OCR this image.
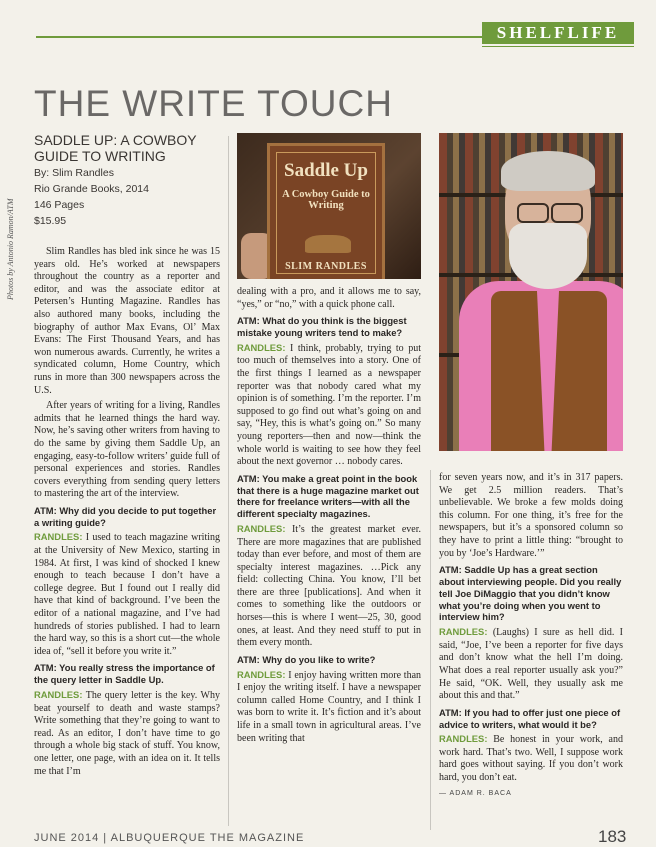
SHELFLIFE
THE WRITE TOUCH
SADDLE UP: A COWBOY GUIDE TO WRITING
By: Slim Randles
Rio Grande Books, 2014
146 Pages
$15.95
Photos by Antonio Ramon/ATM
Saddle Up
A Cowboy Guide to Writing
SLIM RANDLES

Slim Randles has bled ink since he was 15 years old. He’s worked at newspapers throughout the country as a reporter and editor, and was the associate editor at Petersen’s Hunting Magazine. Randles has also authored many books, including the biography of author Max Evans, Ol’ Max Evans: The First Thousand Years, and has won numerous awards. Currently, he writes a syndicated column, Home Country, which runs in more than 300 newspapers across the U.S.

After years of writing for a living, Randles admits that he learned things the hard way. Now, he’s saving other writers from having to do the same by giving them Saddle Up, an engaging, easy-to-follow writers’ guide full of personal experiences and stories. Randles covers everything from sending query letters to mastering the art of the interview.

ATM: Why did you decide to put together a writing guide?

RANDLES: I used to teach magazine writing at the University of New Mexico, starting in 1984. At first, I was kind of shocked I knew enough to teach because I don’t have a college degree. But I found out I really did have that kind of background. I’ve been the editor of a national magazine, and I’ve had hundreds of stories published. I had to learn the hard way, so this is a short cut—the whole idea of, “sell it before you write it.”

ATM: You really stress the importance of the query letter in Saddle Up.

RANDLES: The query letter is the key. Why beat yourself to death and waste stamps? Write something that they’re going to want to read. As an editor, I don’t have time to go through a whole big stack of stuff. You know, one letter, one page, with an idea on it. It tells me that I’m

dealing with a pro, and it allows me to say, “yes,” or “no,” with a quick phone call.

ATM: What do you think is the biggest mistake young writers tend to make?

RANDLES: I think, probably, trying to put too much of themselves into a story. One of the first things I learned as a newspaper reporter was that nobody cared what my opinion is of something. I’m the reporter. I’m supposed to go find out what’s going on and say, “Hey, this is what’s going on.” So many young reporters—then and now—think the whole world is waiting to see how they feel about the next governor … nobody cares.

ATM: You make a great point in the book that there is a huge magazine market out there for freelance writers—with all the different specialty magazines.

RANDLES: It’s the greatest market ever. There are more magazines that are published today than ever before, and most of them are specialty interest magazines. …Pick any field: collecting China. You know, I’ll bet there are three [publications]. And when it comes to something like the outdoors or horses—this is where I went—25, 30, good ones, at least. And they need stuff to put in them every month.

ATM: Why do you like to write?

RANDLES: I enjoy having written more than I enjoy the writing itself. I have a newspaper column called Home Country, and I think I was born to write it. It’s fiction and it’s about life in a small town in agricultural areas. I’ve been writing that

for seven years now, and it’s in 317 papers. We get 2.5 million readers. That’s unbelievable. We broke a few molds doing this column. For one thing, it’s free for the newspapers, but it’s a sponsored column so they have to print a little thing: “brought to you by ‘Joe’s Hardware.’”

ATM: Saddle Up has a great section about interviewing people. Did you really tell Joe DiMaggio that you didn’t know what you’re doing when you went to interview him?

RANDLES: (Laughs) I sure as hell did. I said, “Joe, I’ve been a reporter for five days and don’t know what the hell I’m doing. What does a real reporter usually ask you?” He said, “OK. Well, they usually ask me about this and that.”

ATM: If you had to offer just one piece of advice to writers, what would it be?

RANDLES: Be honest in your work, and work hard. That’s two. Well, I suppose work hard goes without saying. If you don’t work hard, you don’t eat.

— ADAM R. BACA

JUNE 2014 | ALBUQUERQUE THE MAGAZINE	183
